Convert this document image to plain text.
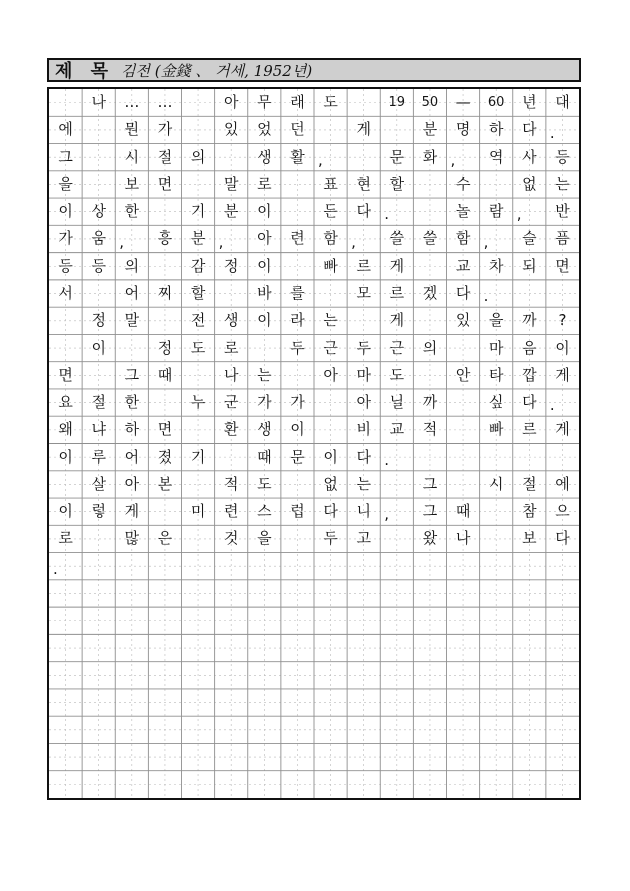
제 목 김전 (金錢 、 거세, 1952년)
나	…	…	아	무	래	도	19	50	—	60	년	대
에	뭔	가	있	었	던	게	분	명	하	다 .
그	시	절	의	생	활 ,	문	화 ,	역	사	등
을	보	면	말	로	표	현	할	수	없	는
이	상	한	기	분	이	든	다 .	놀	람 ,	반
가	움 ,	흥	분 ,	아	련	함 ,	쓸	쓸	함 ,	슬	픔
등	등	의	감	정	이	빠	르	게	교	차	되	면
서	어	찌	할	바	를	모	르	겠	다 .
정	말	전	생	이	라	는	게	있	을	까	?
이	정	도	로	두	근	두	근	의	마	음	이
면	그	때	나	는	아	마	도	안	타	깝	게
요	절	한	누	군	가	가	아	닐	까	싶	다 .
왜	냐	하	면	환	생	이	비	교	적	빠	르	게
이	루	어	졌	기	때	문	이	다 .
살	아	본	적	도	없	는	그	시	절	에
이	렇	게	미	련	스	럽	다	니 ,	그	때	참	으
로	많	은	것	을	두	고	왔	나	보	다
.
